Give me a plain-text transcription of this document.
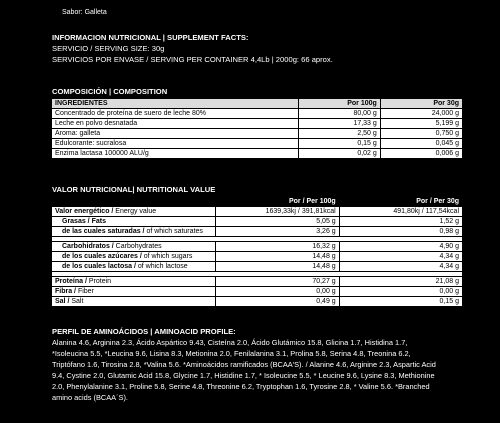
Sabor: Galleta
INFORMACION NUTRICIONAL | SUPPLEMENT FACTS:
SERVICIO / SERVING SIZE: 30g
SERVICIOS POR ENVASE / SERVING PER CONTAINER 4,4Lb | 2000g: 66 aprox.
COMPOSICIÓN | COMPOSITION
INGREDIENTES	Por 100g	Por 30g
Concentrado de proteína de suero de leche 80%	80,00 g	24,000 g
Leche en polvo desnatada	17,33 g	5,199 g
Aroma: galleta	2,50 g	0,750 g
Edulcorante: sucralosa	0,15 g	0,045 g
Enzima lactasa 100000 ALU/g	0,02 g	0,006 g
VALOR NUTRICIONAL| NUTRITIONAL VALUE
	Por / Per 100g	Por / Per 30g
Valor energético / Energy value	1639,33kj / 391,81kcal	491,80kj / 117,54kcal
Grasas / Fats	5,05 g	1,52 g
de las cuales saturadas / of which saturates	3,26 g	0,98 g

Carbohidratos / Carbohydrates	16,32 g	4,90 g
de los cuales azúcares / of which sugars	14,48 g	4,34 g
de los cuales lactosa / of which lactose	14,48 g	4,34 g

Proteína / Protein	70,27 g	21,08 g
Fibra / Fiber	0,00 g	0,00 g
Sal / Salt	0,49 g	0,15 g
PERFIL DE AMINOÁCIDOS | AMINOACID PROFILE:
Alanina 4.6, Arginina 2.3, Ácido Aspártico 9.43, Cisteína 2.0, Ácido Glutámico 15.8, Glicina 1.7, Histidina 1.7,
*Isoleucina 5.5, *Leucina 9.6, Lisina 8.3, Metionina 2.0, Fenilalanina 3.1, Prolina 5.8, Serina 4.8, Treonina 6.2,
Triptófano 1.6, Tirosina 2.8, *Valina 5.6. *Aminoácidos ramificados (BCAA'S). / Alanine 4.6, Arginine 2.3, Aspartic Acid
9.4, Cystine 2.0, Glutamic Acid 15.8, Glycine 1.7, Histidine 1.7, * Isoleucine 5.5, * Leucine 9.6, Lysine 8.3, Methionine
2.0, Phenylalanine 3.1, Proline 5.8, Serine 4.8, Threonine 6.2, Tryptophan 1.6, Tyrosine 2.8, * Valine 5.6. *Branched
amino acids (BCAA´S).
